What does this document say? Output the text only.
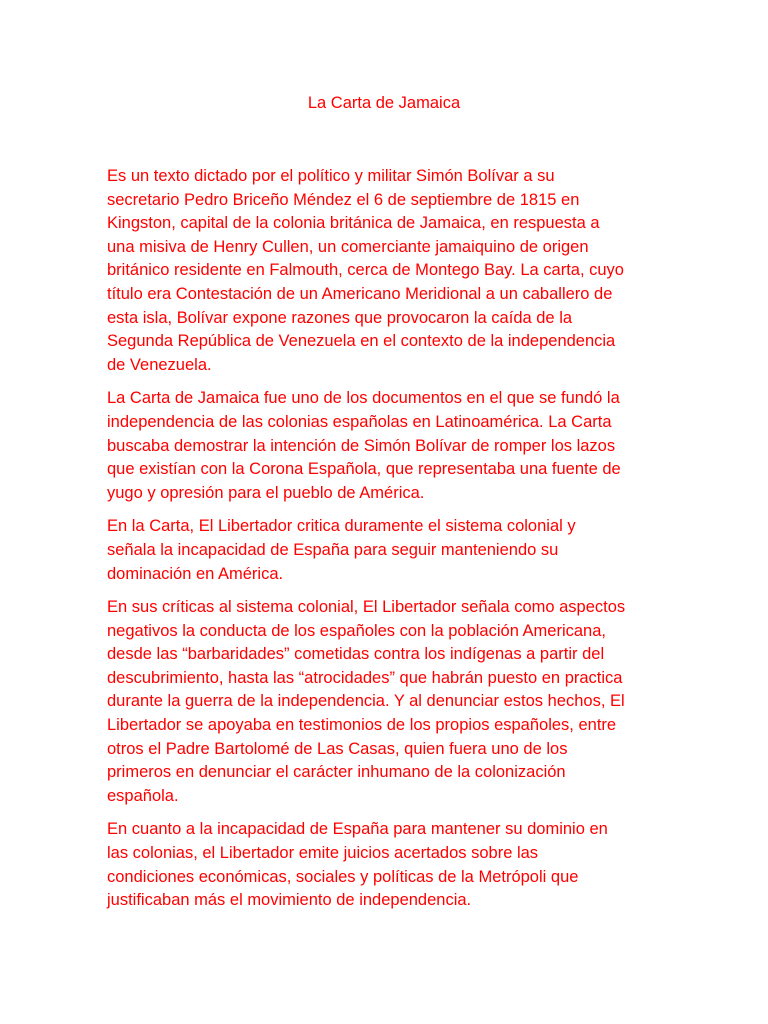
La Carta de Jamaica

Es un texto dictado por el político y militar Simón Bolívar a su
secretario Pedro Briceño Méndez el 6 de septiembre de 1815 en
Kingston, capital de la colonia británica de Jamaica, en respuesta a
una misiva de Henry Cullen, un comerciante jamaiquino de origen
británico residente en Falmouth, cerca de Montego Bay. La carta, cuyo
título era Contestación de un Americano Meridional a un caballero de
esta isla, Bolívar expone razones que provocaron la caída de la
Segunda República de Venezuela en el contexto de la independencia
de Venezuela.

La Carta de Jamaica fue uno de los documentos en el que se fundó la
independencia de las colonias españolas en Latinoamérica. La Carta
buscaba demostrar la intención de Simón Bolívar de romper los lazos
que existían con la Corona Española, que representaba una fuente de
yugo y opresión para el pueblo de América.

En la Carta, El Libertador critica duramente el sistema colonial y
señala la incapacidad de España para seguir manteniendo su
dominación en América.

En sus críticas al sistema colonial, El Libertador señala como aspectos
negativos la conducta de los españoles con la población Americana,
desde las “barbaridades” cometidas contra los indígenas a partir del
descubrimiento, hasta las “atrocidades” que habrán puesto en practica
durante la guerra de la independencia. Y al denunciar estos hechos, El
Libertador se apoyaba en testimonios de los propios españoles, entre
otros el Padre Bartolomé de Las Casas, quien fuera uno de los
primeros en denunciar el carácter inhumano de la colonización
española.

En cuanto a la incapacidad de España para mantener su dominio en
las colonias, el Libertador emite juicios acertados sobre las
condiciones económicas, sociales y políticas de la Metrópoli que
justificaban más el movimiento de independencia.
